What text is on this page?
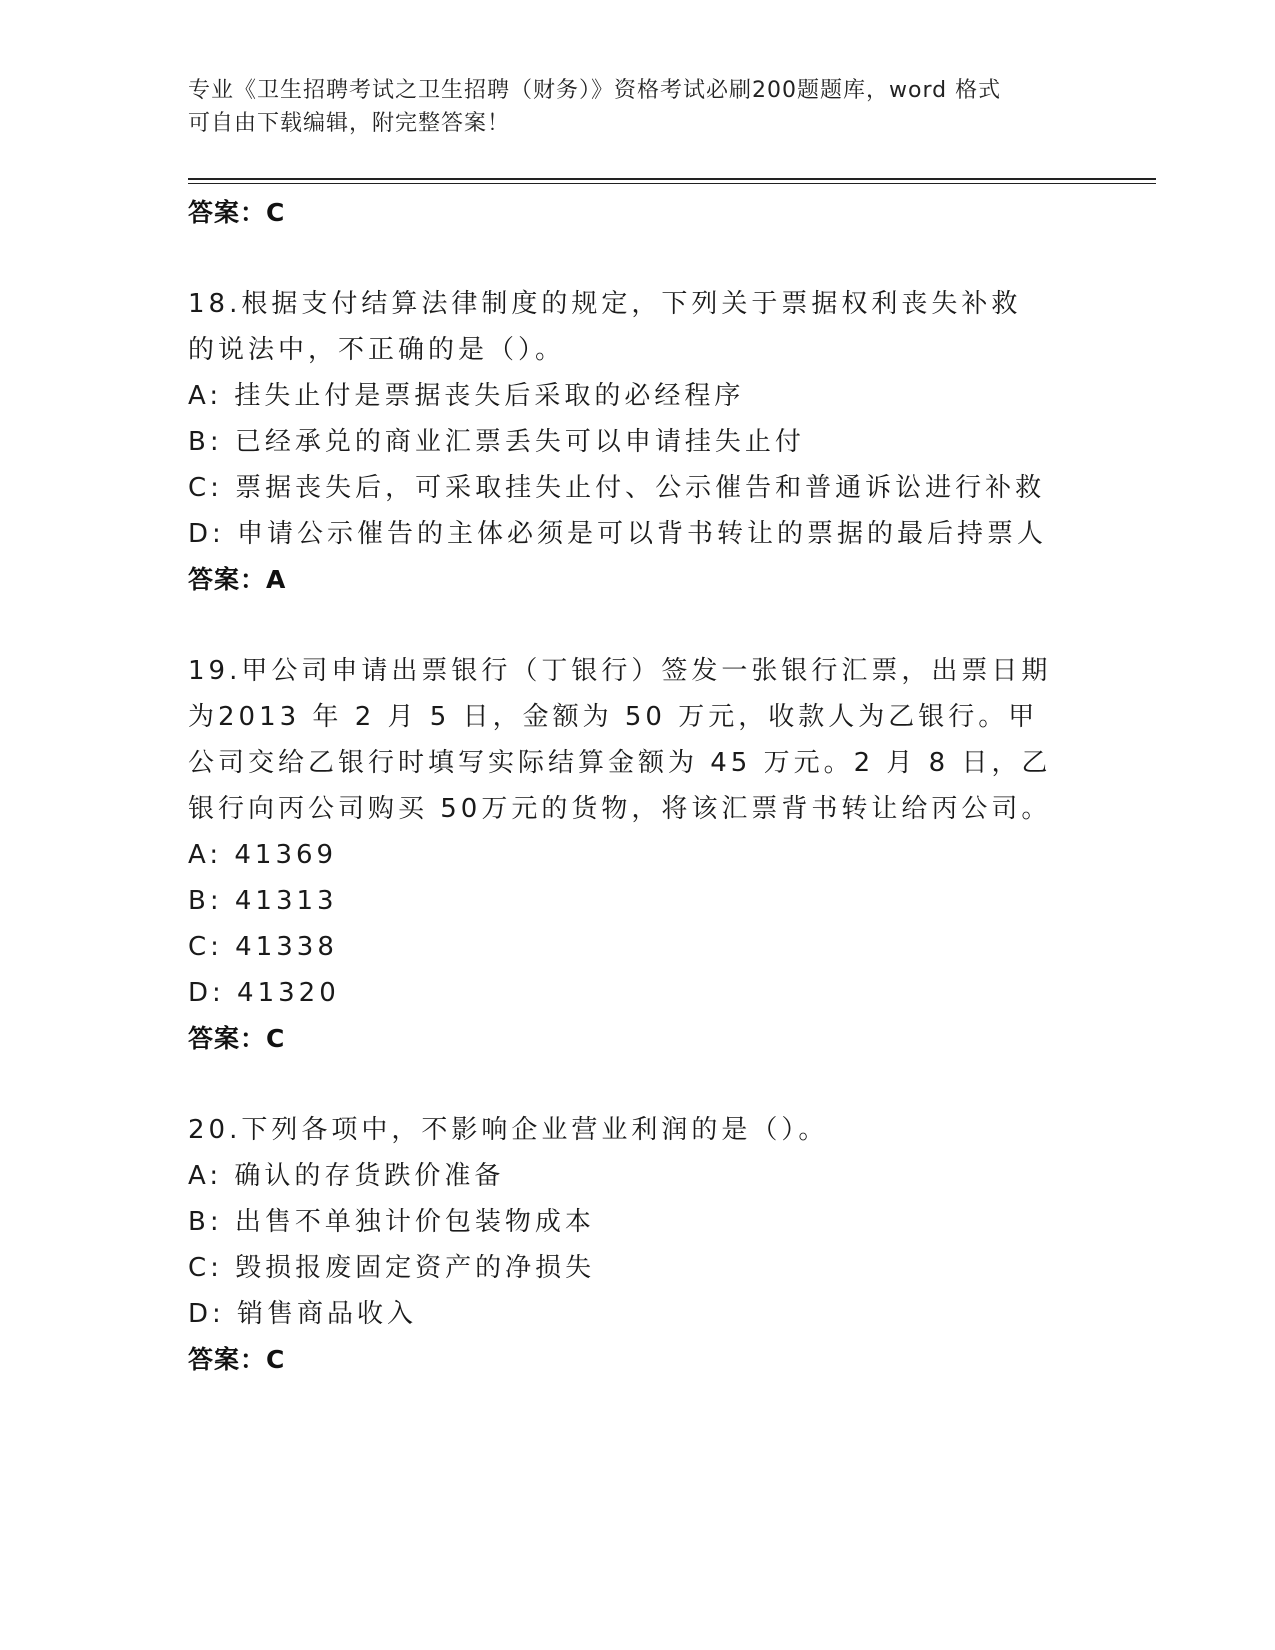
专业《卫生招聘考试之卫生招聘（财务）》资格考试必刷200题题库，word 格式
可自由下载编辑，附完整答案！
答案：C
18.根据支付结算法律制度的规定，下列关于票据权利丧失补救的说法中，不正确的是（）。
A: 挂失止付是票据丧失后采取的必经程序
B: 已经承兑的商业汇票丢失可以申请挂失止付
C: 票据丧失后，可采取挂失止付、公示催告和普通诉讼进行补救
D: 申请公示催告的主体必须是可以背书转让的票据的最后持票人
答案：A
19.甲公司申请出票银行（丁银行）签发一张银行汇票，出票日期为2013 年 2 月 5 日，金额为 50 万元，收款人为乙银行。甲公司交给乙银行时填写实际结算金额为 45 万元。2 月 8 日，乙银行向丙公司购买 50万元的货物，将该汇票背书转让给丙公司。
A: 41369
B: 41313
C: 41338
D: 41320
答案：C
20.下列各项中，不影响企业营业利润的是（）。
A: 确认的存货跌价准备
B: 出售不单独计价包装物成本
C: 毁损报废固定资产的净损失
D: 销售商品收入
答案：C
